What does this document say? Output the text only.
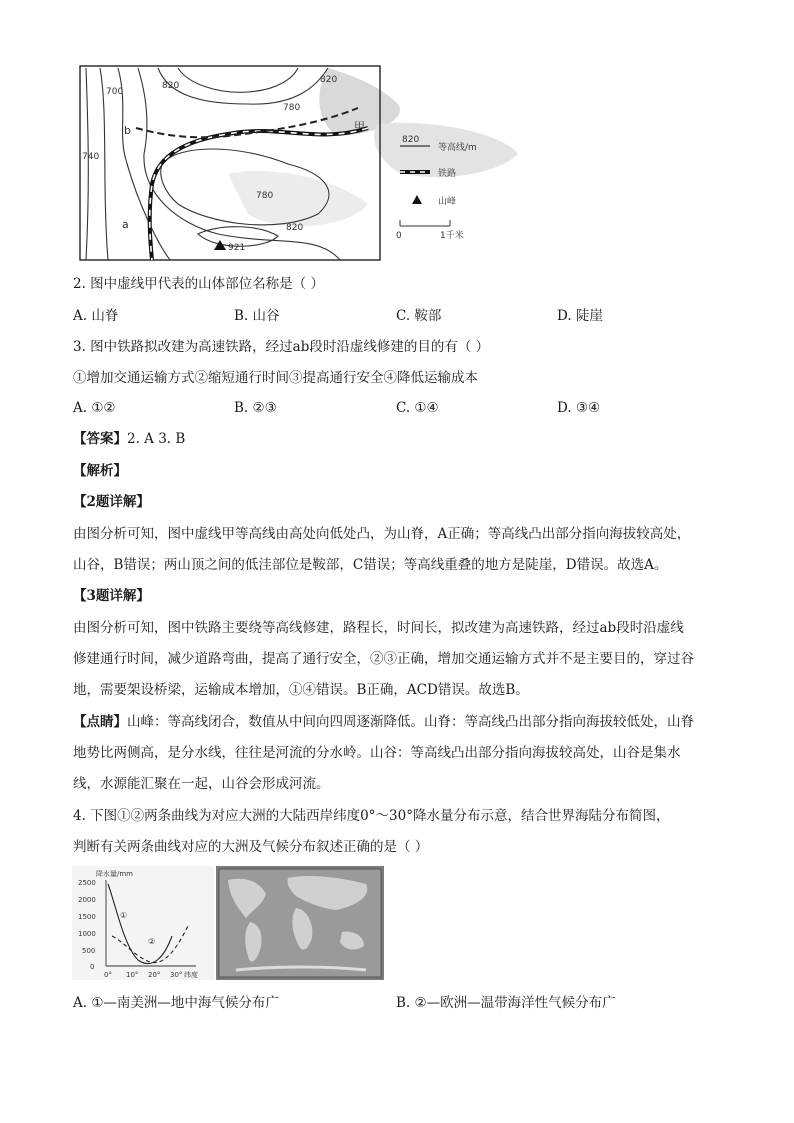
820
820
780
700
740
780
820
b
a
甲
921
820
等高线/m
铁路
山峰
0	1千米
2. 图中虚线甲代表的山体部位名称是（ ）
A. 山脊	B. 山谷	C. 鞍部	D. 陡崖
3. 图中铁路拟改建为高速铁路，经过ab段时沿虚线修建的目的有（ ）
①增加交通运输方式②缩短通行时间③提高通行安全④降低运输成本
A. ①②	B. ②③	C. ①④	D. ③④
【答案】2. A 3. B
【解析】
【2题详解】
由图分析可知，图中虚线甲等高线由高处向低处凸，为山脊，A正确；等高线凸出部分指向海拔较高处，
山谷，B错误；两山顶之间的低洼部位是鞍部，C错误；等高线重叠的地方是陡崖，D错误。故选A。
【3题详解】
由图分析可知，图中铁路主要绕等高线修建，路程长，时间长，拟改建为高速铁路，经过ab段时沿虚线
修建通行时间，减少道路弯曲，提高了通行安全，②③正确，增加交通运输方式并不是主要目的，穿过谷
地，需要架设桥梁，运输成本增加，①④错误。B正确，ACD错误。故选B。
【点睛】山峰：等高线闭合，数值从中间向四周逐渐降低。山脊：等高线凸出部分指向海拔较低处，山脊
地势比两侧高，是分水线，往往是河流的分水岭。山谷：等高线凸出部分指向海拔较高处，山谷是集水
线，水源能汇聚在一起，山谷会形成河流。
4. 下图①②两条曲线为对应大洲的大陆西岸纬度0°～30°降水量分布示意，结合世界海陆分布简图，
判断有关两条曲线对应的大洲及气候分布叙述正确的是（ ）
降水量/mm
2500
2000
1500
1000
500
0
0° 10° 20° 30° 纬度
①
②
A. ①—南美洲—地中海气候分布广	B. ②—欧洲—温带海洋性气候分布广
